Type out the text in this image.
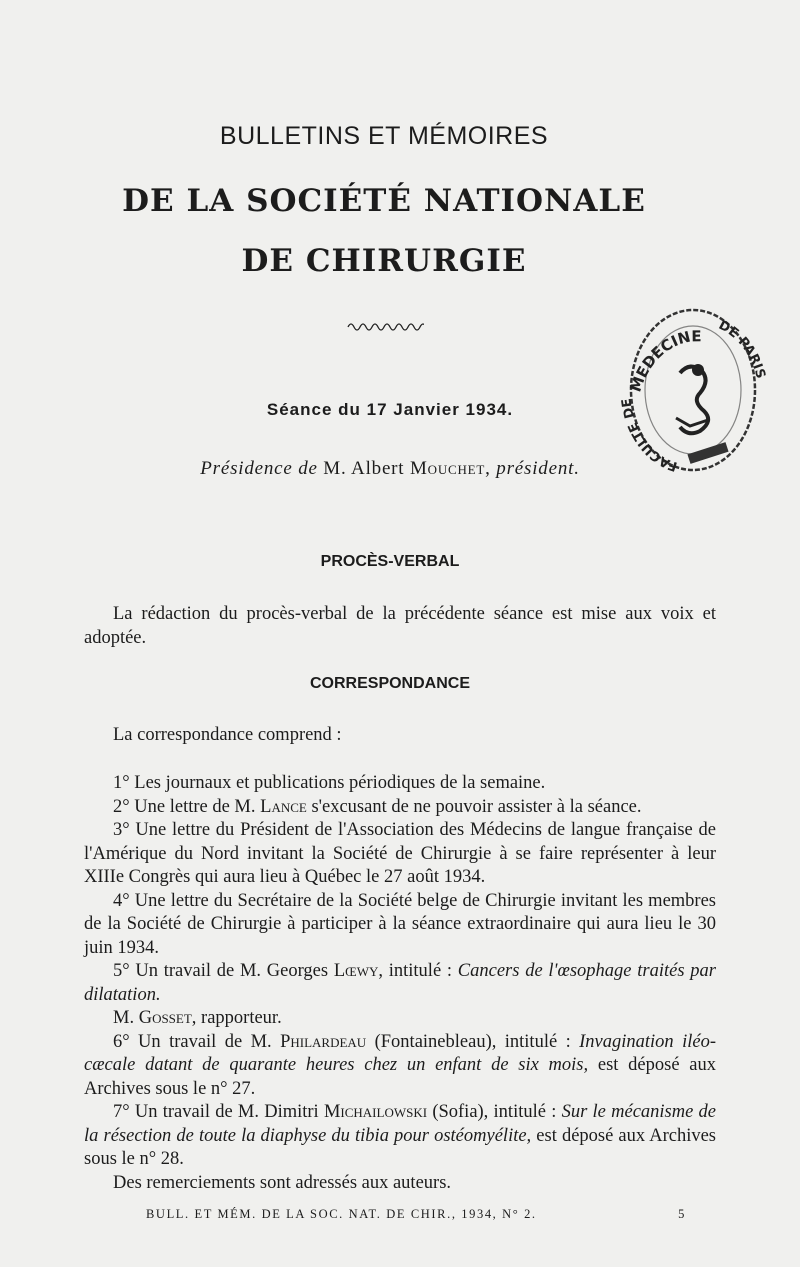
BULLETINS ET MÉMOIRES
DE LA SOCIÉTÉ NATIONALE
DE CHIRURGIE
MEDECINE
DE PARIS
FACULTE DE
Séance du 17 Janvier 1934.
Présidence de M. Albert Mouchet, président.
PROCÈS-VERBAL

La rédaction du procès-verbal de la précédente séance est mise aux voix et adoptée.

CORRESPONDANCE

La correspondance comprend :

1° Les journaux et publications périodiques de la semaine.

2° Une lettre de M. Lance s'excusant de ne pouvoir assister à la séance.

3° Une lettre du Président de l'Association des Médecins de langue française de l'Amérique du Nord invitant la Société de Chirurgie à se faire représenter à leur XIIIe Congrès qui aura lieu à Québec le 27 août 1934.

4° Une lettre du Secrétaire de la Société belge de Chirurgie invitant les membres de la Société de Chirurgie à participer à la séance extraordinaire qui aura lieu le 30 juin 1934.

5° Un travail de M. Georges Lœwy, intitulé : Cancers de l'œsophage traités par dilatation.

M. Gosset, rapporteur.

6° Un travail de M. Philardeau (Fontainebleau), intitulé : Invagination iléo-cæcale datant de quarante heures chez un enfant de six mois, est déposé aux Archives sous le n° 27.

7° Un travail de M. Dimitri Michailowski (Sofia), intitulé : Sur le mécanisme de la résection de toute la diaphyse du tibia pour ostéomyélite, est déposé aux Archives sous le n° 28.

Des remerciements sont adressés aux auteurs.

BULL. ET MÉM. DE LA SOC. NAT. DE CHIR., 1934, N° 2.	5
